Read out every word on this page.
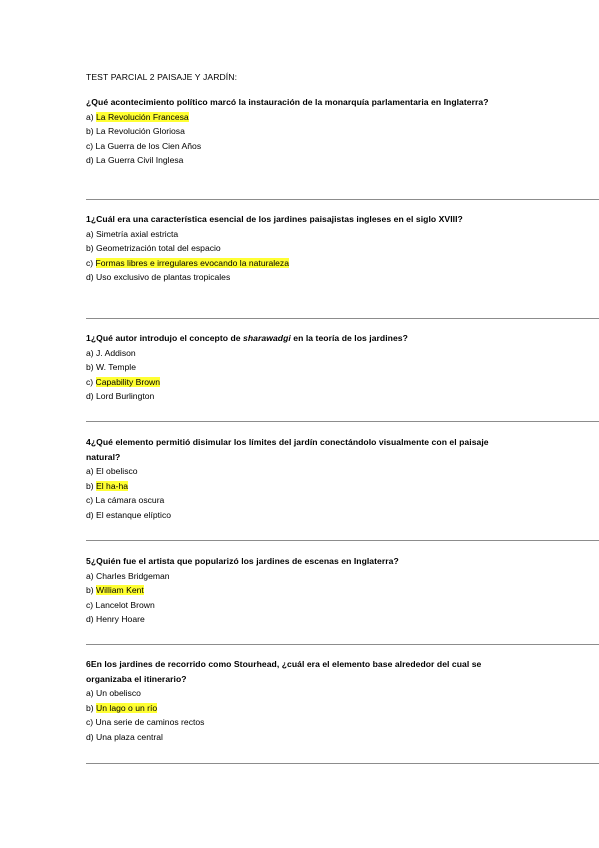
TEST PARCIAL 2 PAISAJE Y JARDÍN:
¿Qué acontecimiento político marcó la instauración de la monarquía parlamentaria en Inglaterra?
a) La Revolución Francesa
b) La Revolución Gloriosa
c) La Guerra de los Cien Años
d) La Guerra Civil Inglesa
1¿Cuál era una característica esencial de los jardines paisajistas ingleses en el siglo XVIII?
a) Simetría axial estricta
b) Geometrización total del espacio
c) Formas libres e irregulares evocando la naturaleza
d) Uso exclusivo de plantas tropicales
1¿Qué autor introdujo el concepto de sharawadgi en la teoría de los jardines?
a) J. Addison
b) W. Temple
c) Capability Brown
d) Lord Burlington
4¿Qué elemento permitió disimular los límites del jardín conectándolo visualmente con el paisaje natural?
a) El obelisco
b) El ha-ha
c) La cámara oscura
d) El estanque elíptico
5¿Quién fue el artista que popularizó los jardines de escenas en Inglaterra?
a) Charles Bridgeman
b) William Kent
c) Lancelot Brown
d) Henry Hoare
6En los jardines de recorrido como Stourhead, ¿cuál era el elemento base alrededor del cual se organizaba el itinerario?
a) Un obelisco
b) Un lago o un río
c) Una serie de caminos rectos
d) Una plaza central
